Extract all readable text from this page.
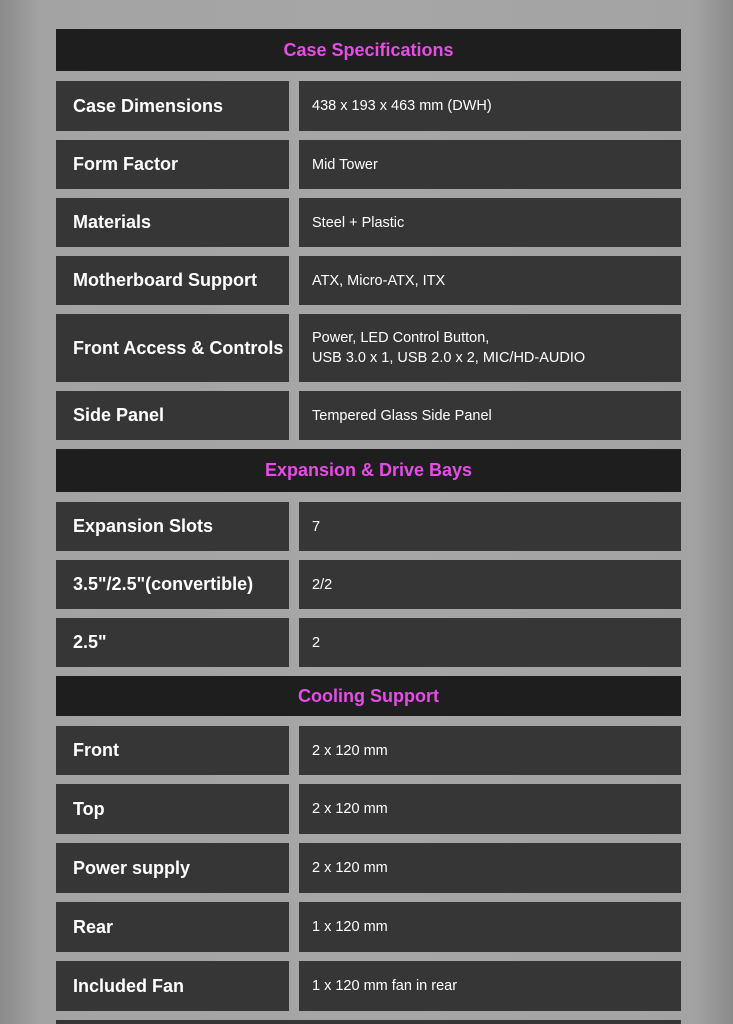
Case Specifications
Case Dimensions	438 x 193 x 463 mm (DWH)
Form Factor	Mid Tower
Materials	Steel + Plastic
Motherboard Support	ATX, Micro-ATX, ITX
Front Access & Controls	Power, LED Control Button,
USB 3.0 x 1, USB 2.0 x 2, MIC/HD-AUDIO
Side Panel	Tempered Glass Side Panel
Expansion & Drive Bays
Expansion Slots	7
3.5"/2.5"(convertible)	2/2
2.5"	2
Cooling Support
Front	2 x 120 mm
Top	2 x 120 mm
Power supply	2 x 120 mm
Rear	1 x 120 mm
Included Fan	1 x 120 mm fan in rear
